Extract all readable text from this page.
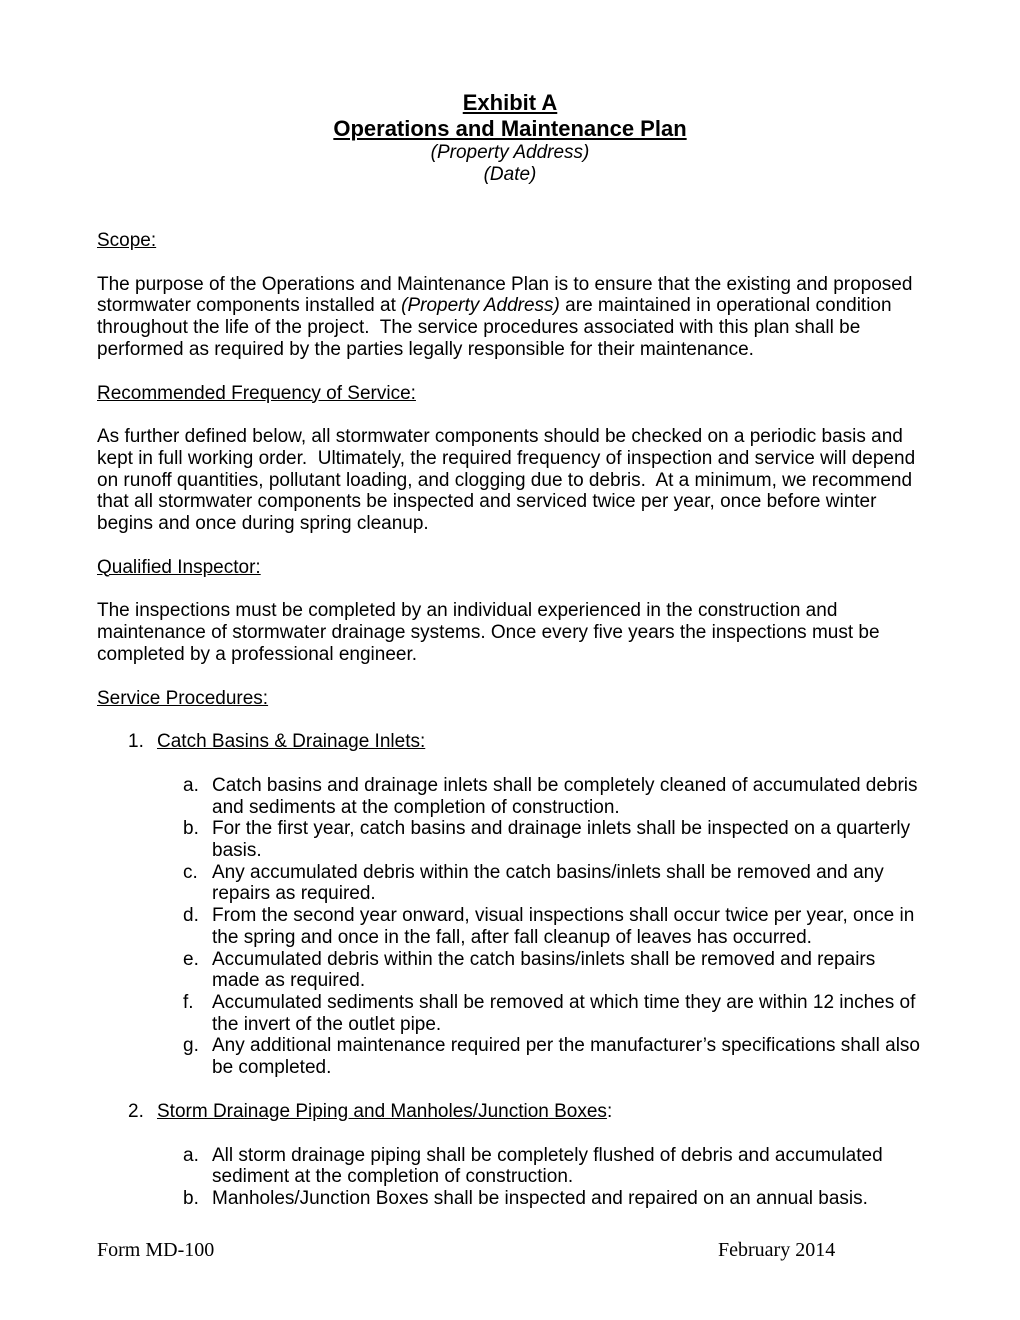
Exhibit A
Operations and Maintenance Plan
(Property Address)
(Date)

Scope:

The purpose of the Operations and Maintenance Plan is to ensure that the existing and proposed stormwater components installed at (Property Address) are maintained in operational condition throughout the life of the project.  The service procedures associated with this plan shall be performed as required by the parties legally responsible for their maintenance.

Recommended Frequency of Service:

As further defined below, all stormwater components should be checked on a periodic basis and kept in full working order.  Ultimately, the required frequency of inspection and service will depend on runoff quantities, pollutant loading, and clogging due to debris.  At a minimum, we recommend that all stormwater components be inspected and serviced twice per year, once before winter begins and once during spring cleanup.

Qualified Inspector:

The inspections must be completed by an individual experienced in the construction and maintenance of stormwater drainage systems. Once every five years the inspections must be completed by a professional engineer.

Service Procedures:

1. Catch Basins & Drainage Inlets:

a. Catch basins and drainage inlets shall be completely cleaned of accumulated debris and sediments at the completion of construction.
b. For the first year, catch basins and drainage inlets shall be inspected on a quarterly basis.
c. Any accumulated debris within the catch basins/inlets shall be removed and any repairs as required.
d. From the second year onward, visual inspections shall occur twice per year, once in the spring and once in the fall, after fall cleanup of leaves has occurred.
e. Accumulated debris within the catch basins/inlets shall be removed and repairs made as required.
f. Accumulated sediments shall be removed at which time they are within 12 inches of the invert of the outlet pipe.
g. Any additional maintenance required per the manufacturer’s specifications shall also be completed.

2. Storm Drainage Piping and Manholes/Junction Boxes:

a. All storm drainage piping shall be completely flushed of debris and accumulated sediment at the completion of construction.
b. Manholes/Junction Boxes shall be inspected and repaired on an annual basis.
Form MD-100	February 2014
